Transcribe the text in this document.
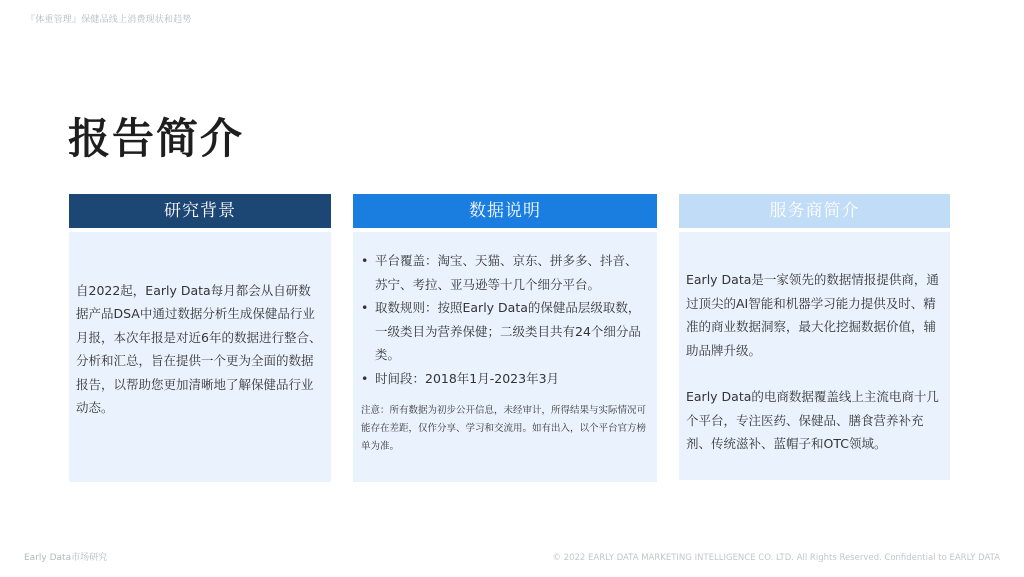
『体重管理』保健品线上消费现状和趋势
报告简介
研究背景

自2022起，Early Data每月都会从自研数据产品DSA中通过数据分析生成保健品行业月报，本次年报是对近6年的数据进行整合、分析和汇总，旨在提供一个更为全面的数据报告，以帮助您更加清晰地了解保健品行业动态。

数据说明
• 平台覆盖：淘宝、天猫、京东、拼多多、抖音、苏宁、考拉、亚马逊等十几个细分平台。
• 取数规则：按照Early Data的保健品层级取数，一级类目为营养保健；二级类目共有24个细分品类。
• 时间段：2018年1月-2023年3月
注意：所有数据为初步公开信息，未经审计，所得结果与实际情况可能存在差距，仅作分享、学习和交流用。如有出入，以个平台官方榜单为准。
服务商简介

Early Data是一家领先的数据情报提供商，通过顶尖的AI智能和机器学习能力提供及时、精准的商业数据洞察，最大化挖掘数据价值，辅助品牌升级。

Early Data的电商数据覆盖线上主流电商十几个平台，专注医药、保健品、膳食营养补充剂、传统滋补、蓝帽子和OTC领域。

Early Data市场研究	© 2022 EARLY DATA MARKETING INTELLIGENCE CO. LTD. All Rights Reserved. Confidential to EARLY DATA
